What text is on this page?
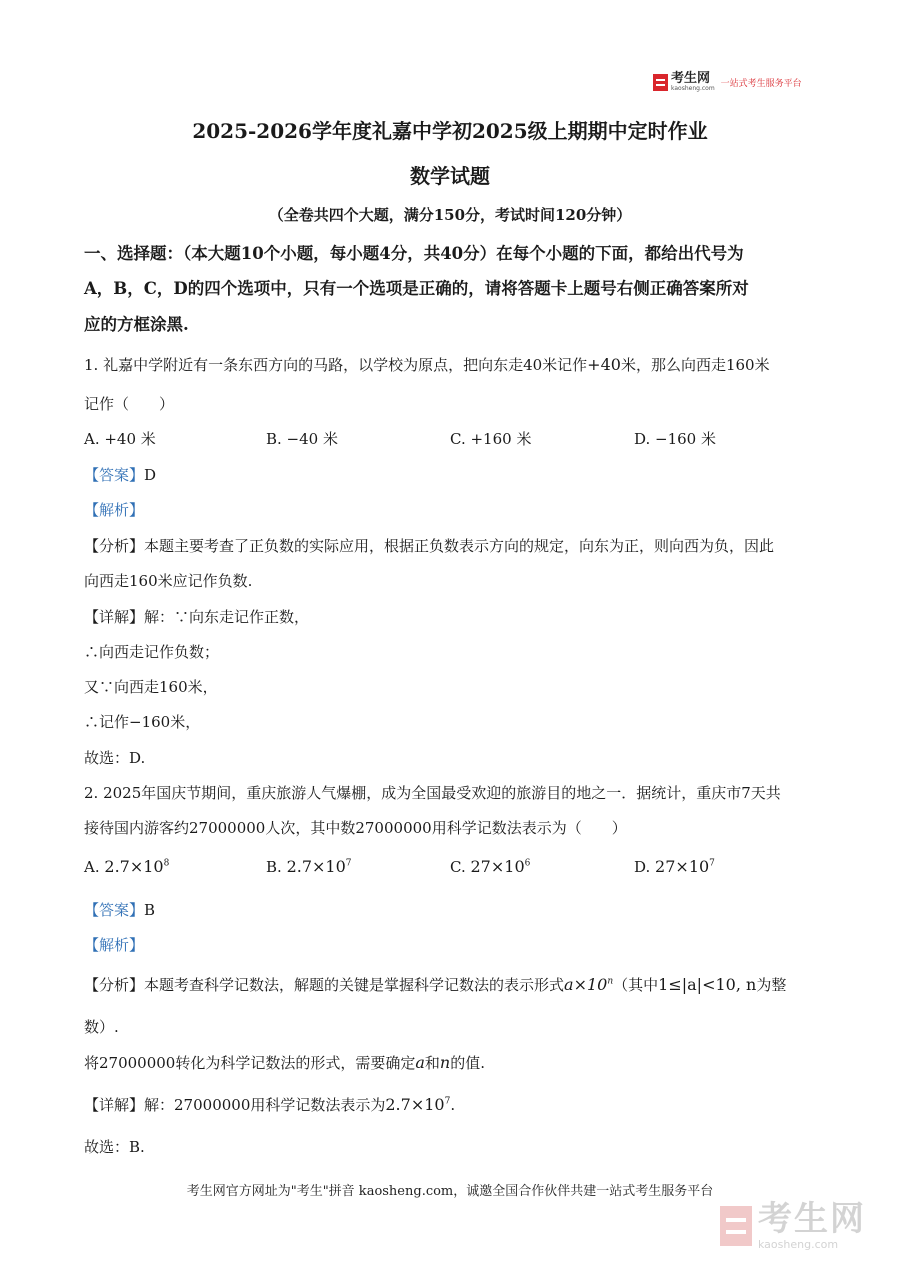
考生网
kaosheng.com 一站式考生服务平台
2025-2026学年度礼嘉中学初2025级上期期中定时作业
数学试题
（全卷共四个大题，满分150分，考试时间120分钟）
一、选择题：（本大题10个小题，每小题4分，共40分）在每个小题的下面，都给出代号为
A，B，C，D的四个选项中，只有一个选项是正确的，请将答题卡上题号右侧正确答案所对
应的方框涂黑.
1. 礼嘉中学附近有一条东西方向的马路，以学校为原点，把向东走40米记作+40米，那么向西走160米
记作（　　）
A. +40 米	B. −40 米	C. +160 米	D. −160 米
【答案】D
【解析】
【分析】本题主要考查了正负数的实际应用，根据正负数表示方向的规定，向东为正，则向西为负，因此
向西走160米应记作负数.
【详解】解：∵向东走记作正数，
∴向西走记作负数；
又∵向西走160米，
∴记作−160米，
故选：D.
2. 2025年国庆节期间，重庆旅游人气爆棚，成为全国最受欢迎的旅游目的地之一．据统计，重庆市7天共
接待国内游客约27000000人次，其中数27000000用科学记数法表示为（　　）
A. $2.7\times 10^8$	B. $2.7\times 10^7$	C. $27\times 10^6$	D. $27\times 10^7$
【答案】B
【解析】
【分析】本题考查科学记数法，解题的关键是掌握科学记数法的表示形式$a\times 10^n$（其中1≤|a|<10, n为整
数）.
将27000000转化为科学记数法的形式，需要确定a和n的值.
【详解】解：27000000用科学记数法表示为$2.7\times 10^7$.
故选：B.
考生网官方网址为"考生"拼音 kaosheng.com，诚邀全国合作伙伴共建一站式考生服务平台
考生网
kaosheng.com
